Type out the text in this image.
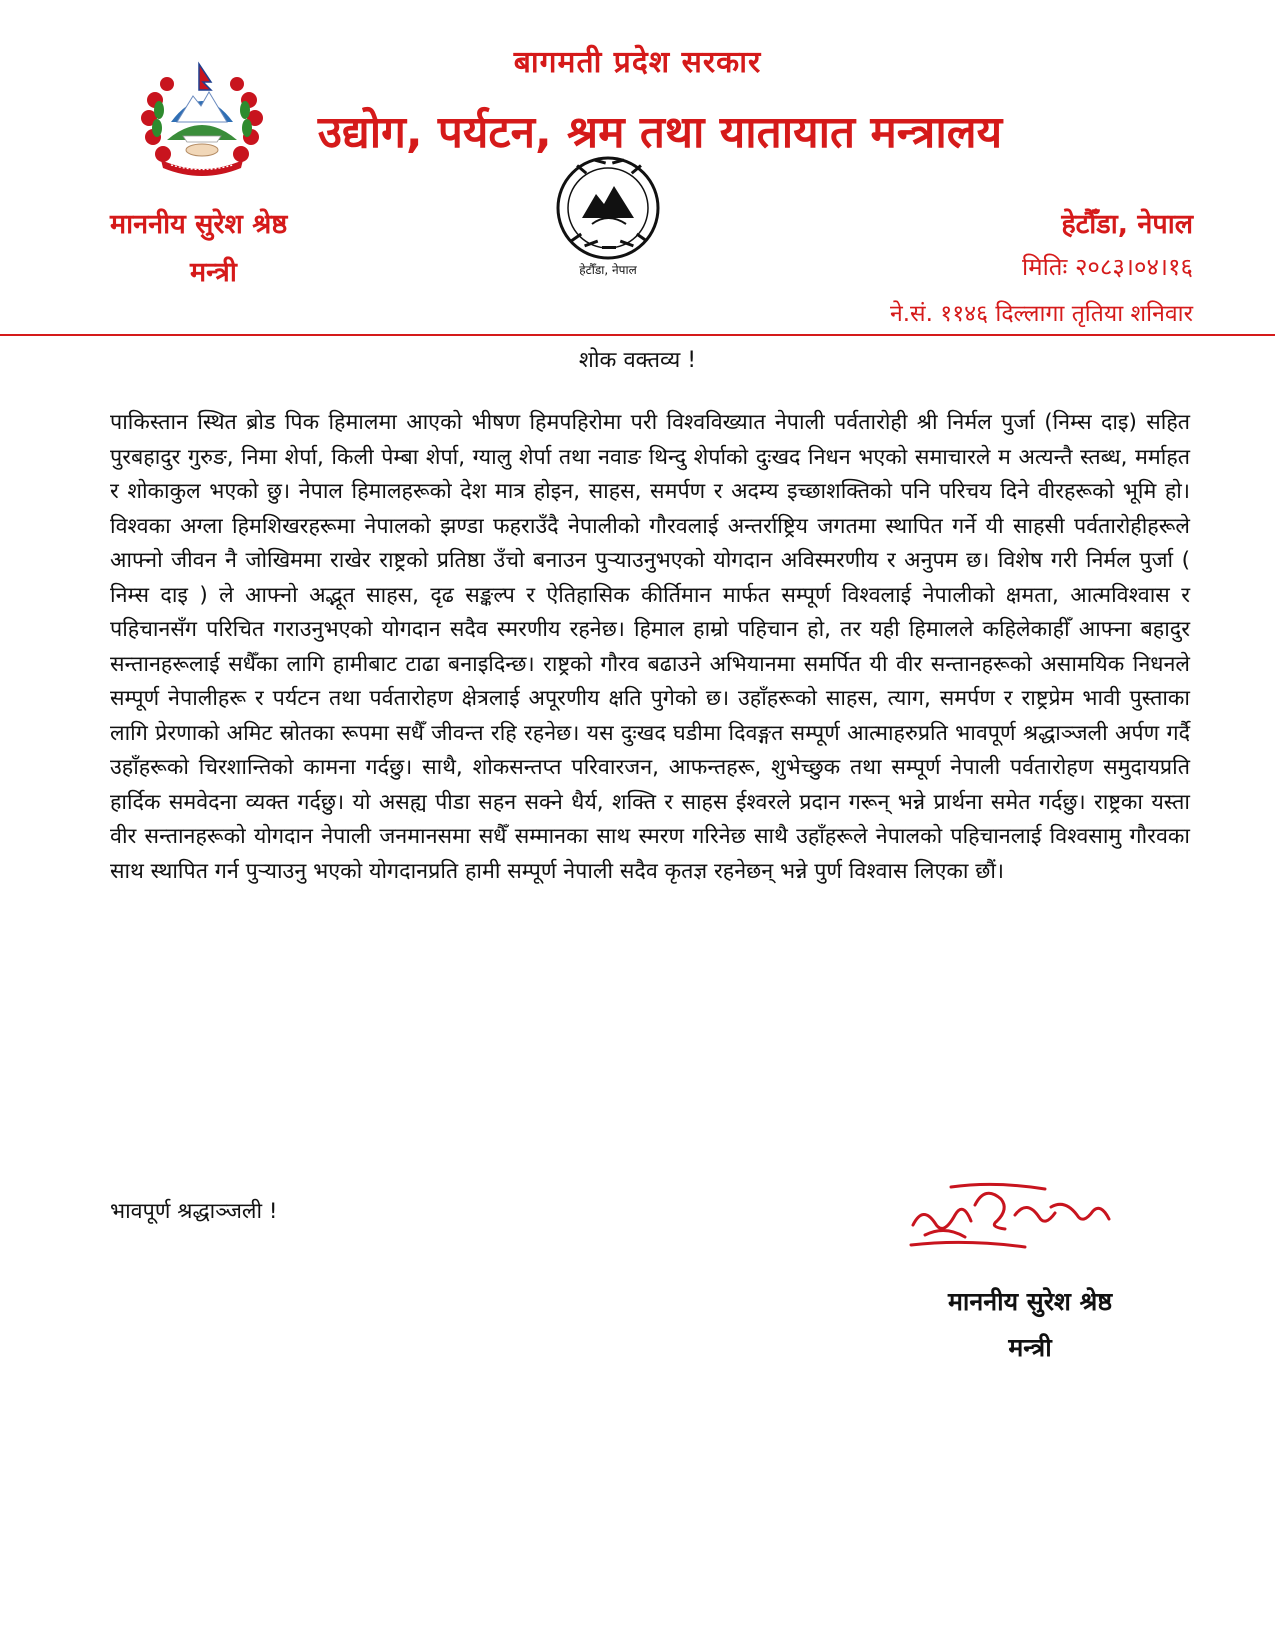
बागमती प्रदेश सरकार
उद्योग, पर्यटन, श्रम तथा यातायात मन्त्रालय
हेटौँडा, नेपाल
माननीय सुरेश श्रेष्ठ
मन्त्री
हेटौँडा, नेपाल
मितिः २०८३।०४।१६
ने.सं. ११४६ दिल्लागा तृतिया शनिवार
शोक वक्तव्य !
पाकिस्तान स्थित ब्रोड पिक हिमालमा आएको भीषण हिमपहिरोमा परी विश्वविख्यात नेपाली पर्वतारोही श्री निर्मल पुर्जा (निम्स दाइ) सहित पुरबहादुर गुरुङ, निमा शेर्पा, किली पेम्बा शेर्पा, ग्यालु शेर्पा तथा नवाङ थिन्दु शेर्पाको दुःखद निधन भएको समाचारले म अत्यन्तै स्तब्ध, मर्माहत र शोकाकुल भएको छु। नेपाल हिमालहरूको देश मात्र होइन, साहस, समर्पण र अदम्य इच्छाशक्तिको पनि परिचय दिने वीरहरूको भूमि हो। विश्वका अग्ला हिमशिखरहरूमा नेपालको झण्डा फहराउँदै नेपालीको गौरवलाई अन्तर्राष्ट्रिय जगतमा स्थापित गर्ने यी साहसी पर्वतारोहीहरूले आफ्नो जीवन नै जोखिममा राखेर राष्ट्रको प्रतिष्ठा उँचो बनाउन पुर्‍याउनुभएको योगदान अविस्मरणीय र अनुपम छ। विशेष गरी निर्मल पुर्जा ( निम्स दाइ ) ले आफ्नो अद्भूत साहस, दृढ सङ्कल्प र ऐतिहासिक कीर्तिमान मार्फत सम्पूर्ण विश्वलाई नेपालीको क्षमता, आत्मविश्वास र पहिचानसँग परिचित गराउनुभएको योगदान सदैव स्मरणीय रहनेछ। हिमाल हाम्रो पहिचान हो, तर यही हिमालले कहिलेकाहीँ आफ्ना बहादुर सन्तानहरूलाई सधैँका लागि हामीबाट टाढा बनाइदिन्छ। राष्ट्रको गौरव बढाउने अभियानमा समर्पित यी वीर सन्तानहरूको असामयिक निधनले सम्पूर्ण नेपालीहरू र पर्यटन तथा पर्वतारोहण क्षेत्रलाई अपूरणीय क्षति पुगेको छ। उहाँहरूको साहस, त्याग, समर्पण र राष्ट्रप्रेम भावी पुस्ताका लागि प्रेरणाको अमिट स्रोतका रूपमा सधैँ जीवन्त रहि रहनेछ। यस दुःखद घडीमा दिवङ्गत सम्पूर्ण आत्माहरुप्रति भावपूर्ण श्रद्धाञ्जली अर्पण गर्दै उहाँहरूको चिरशान्तिको कामना गर्दछु। साथै, शोकसन्तप्त परिवारजन, आफन्तहरू, शुभेच्छुक तथा सम्पूर्ण नेपाली पर्वतारोहण समुदायप्रति हार्दिक समवेदना व्यक्त गर्दछु। यो असह्य पीडा सहन सक्ने धैर्य, शक्ति र साहस ईश्वरले प्रदान गरून् भन्ने प्रार्थना समेत गर्दछु। राष्ट्रका यस्ता वीर सन्तानहरूको योगदान नेपाली जनमानसमा सधैँ सम्मानका साथ स्मरण गरिनेछ साथै उहाँहरूले नेपालको पहिचानलाई विश्वसामु गौरवका साथ स्थापित गर्न पुर्‍याउनु भएको योगदानप्रति हामी सम्पूर्ण नेपाली सदैव कृतज्ञ रहनेछन् भन्ने पुर्ण विश्वास लिएका छौं।
भावपूर्ण श्रद्धाञ्जली !
माननीय सुरेश श्रेष्ठ
मन्त्री
